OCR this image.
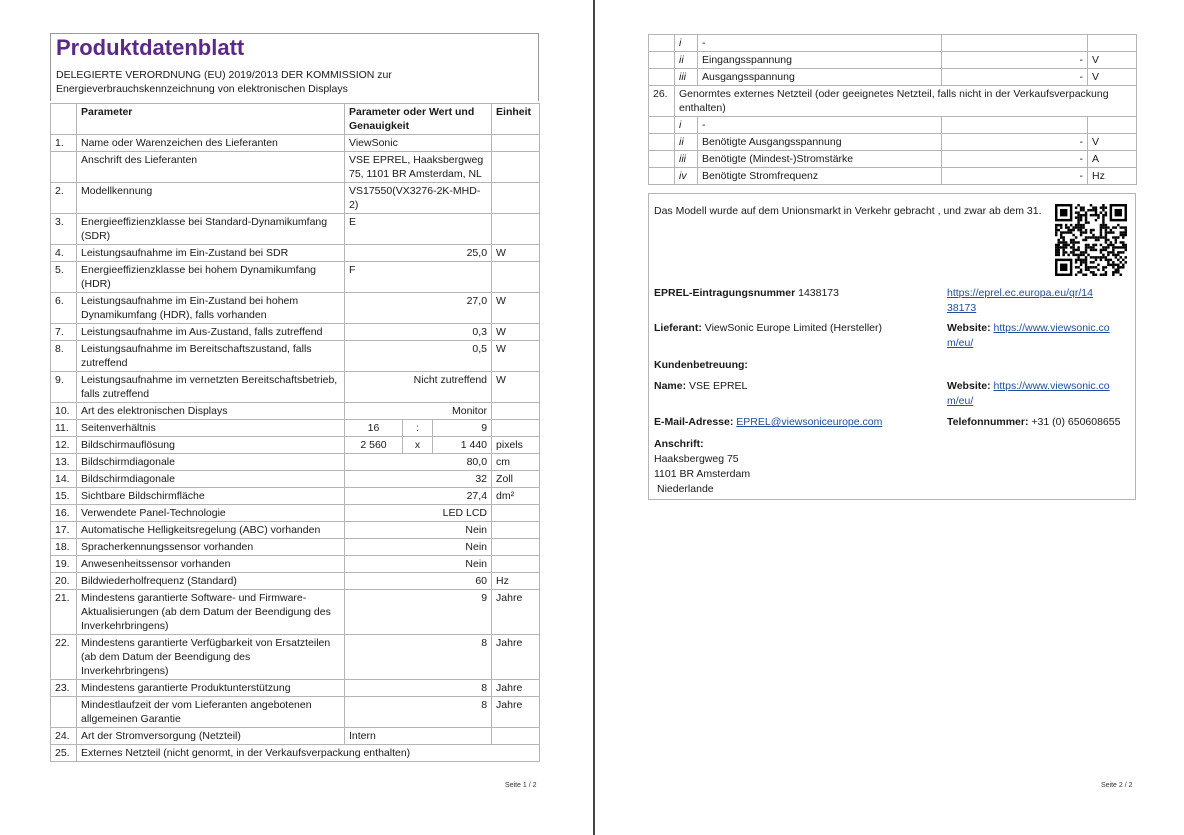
Produktdatenblatt

DELEGIERTE VERORDNUNG (EU) 2019/2013 DER KOMMISSION zur Energieverbrauchskennzeichnung von elektronischen Displays

	Parameter	Parameter oder Wert und Genauigkeit			Einheit
1.	Name oder Warenzeichen des Lieferanten	ViewSonic			
	Anschrift des Lieferanten	VSE EPREL, Haaksbergweg 75, 1101 BR Amsterdam, NL			
2.	Modellkennung	VS17550(VX3276-2K-MHD-2)			
3.	Energieeffizienzklasse bei Standard-Dynamikumfang (SDR)	E			
4.	Leistungsaufnahme im Ein-Zustand bei SDR	25,0			W
5.	Energieeffizienzklasse bei hohem Dynamikumfang (HDR)	F			
6.	Leistungsaufnahme im Ein-Zustand bei hohem Dynamikumfang (HDR), falls vorhanden	27,0			W
7.	Leistungsaufnahme im Aus-Zustand, falls zutreffend	0,3			W
8.	Leistungsaufnahme im Bereitschaftszustand, falls zutreffend	0,5			W
9.	Leistungsaufnahme im vernetzten Bereitschaftsbetrieb, falls zutreffend	Nicht zutreffend			W
10.	Art des elektronischen Displays	Monitor			
11.	Seitenverhältnis	16	:	9	
12.	Bildschirmauflösung	2 560	x	1 440	pixels
13.	Bildschirmdiagonale	80,0			cm
14.	Bildschirmdiagonale	32			Zoll
15.	Sichtbare Bildschirmfläche	27,4			dm²
16.	Verwendete Panel-Technologie	LED LCD			
17.	Automatische Helligkeitsregelung (ABC) vorhanden	Nein			
18.	Spracherkennungssensor vorhanden	Nein			
19.	Anwesenheitssensor vorhanden	Nein			
20.	Bildwiederholfrequenz (Standard)	60			Hz
21.	Mindestens garantierte Software- und Firmware-Aktualisierungen (ab dem Datum der Beendigung des Inverkehrbringens)	9			Jahre
22.	Mindestens garantierte Verfügbarkeit von Ersatzteilen (ab dem Datum der Beendigung des Inverkehrbringens)	8			Jahre
23.	Mindestens garantierte Produktunterstützung	8			Jahre
	Mindestlaufzeit der vom Lieferanten angebotenen allgemeinen Garantie	8			Jahre
24.	Art der Stromversorgung (Netzteil)	Intern			
25.	Externes Netzteil (nicht genormt, in der Verkaufsverpackung enthalten)				
Seite 1 / 2
	i	-		
	ii	Eingangsspannung	-	V
	iii	Ausgangsspannung	-	V
26.	Genormtes externes Netzteil (oder geeignetes Netzteil, falls nicht in der Verkaufsverpackung enthalten)			
	i	-		
	ii	Benötigte Ausgangsspannung	-	V
	iii	Benötigte (Mindest-)Stromstärke	-	A
	iv	Benötigte Stromfrequenz	-	Hz
Das Modell wurde auf dem Unionsmarkt in Verkehr gebracht , und zwar ab dem 31.
EPREL-Eintragungsnummer 1438173	https://eprel.ec.europa.eu/qr/14
38173
Lieferant: ViewSonic Europe Limited (Hersteller)	Website: https://www.viewsonic.co
m/eu/
Kundenbetreuung:
Name: VSE EPREL	Website: https://www.viewsonic.co
m/eu/
E-Mail-Adresse: EPREL@viewsoniceurope.com	Telefonnummer: +31 (0) 650608655
Anschrift:
Haaksbergweg 75
1101 BR Amsterdam
Niederlande
Seite 2 / 2
